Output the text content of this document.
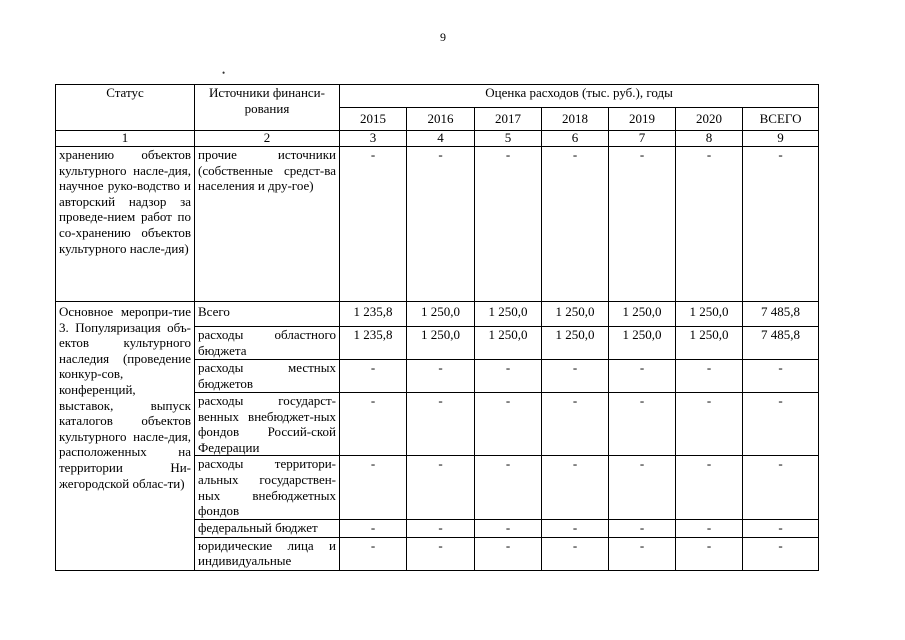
9
•
Статус	Источники финанси-рования	Оценка расходов (тыс. руб.), годы						
		2015	2016	2017	2018	2019	2020	ВСЕГО
1	2	3	4	5	6	7	8	9
хранению объектов культурного насле-дия, научное руко-водство и авторский надзор за проведе-нием работ по со-хранению объектов культурного насле-дия)	прочие источники (собственные средст-ва населения и дру-гое)	-	-	-	-	-	-	-
Основное меропри-тие 3. Популяризация объ-ектов культурного наследия (проведение конкур-сов, конференций, выставок, выпуск каталогов объектов культурного насле-дия, расположенных на территории Ни-жегородской облас-ти)	Всего	1 235,8	1 250,0	1 250,0	1 250,0	1 250,0	1 250,0	7 485,8
	расходы областного бюджета	1 235,8	1 250,0	1 250,0	1 250,0	1 250,0	1 250,0	7 485,8
	расходы местных бюджетов	-	-	-	-	-	-	-
	расходы государст-венных внебюджет-ных фондов Россий-ской Федерации	-	-	-	-	-	-	-
	расходы территори-альных государствен-ных внебюджетных фондов	-	-	-	-	-	-	-
	федеральный бюджет	-	-	-	-	-	-	-
	юридические лица и индивидуальные	-	-	-	-	-	-	-
